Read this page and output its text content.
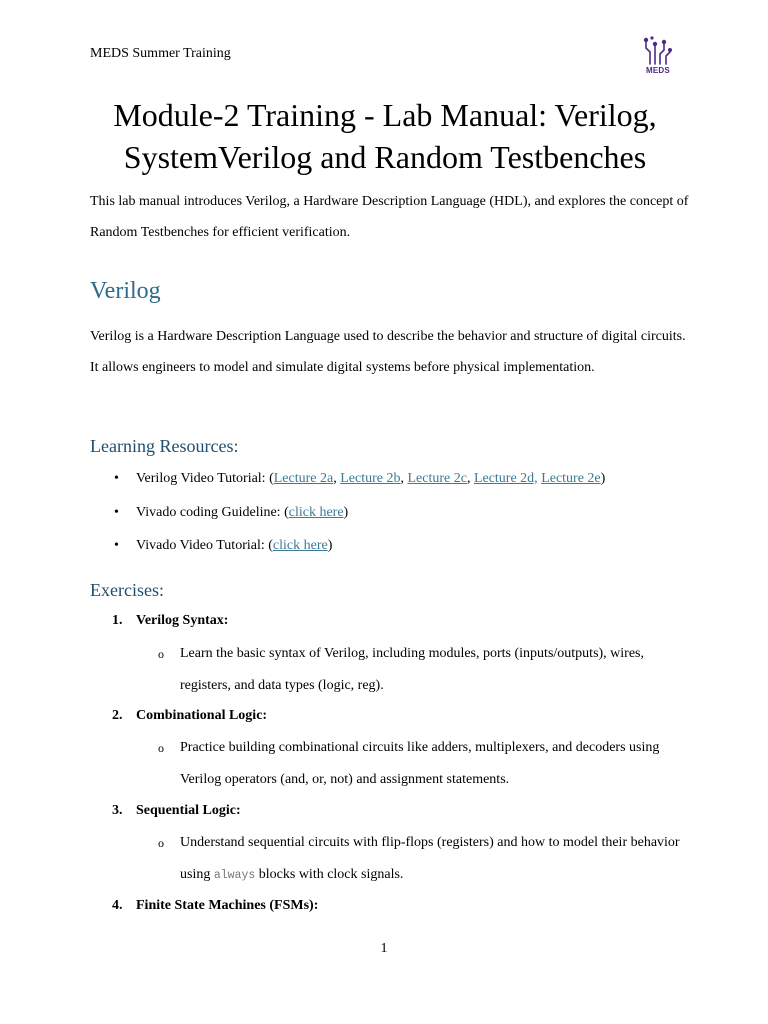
MEDS Summer Training
MEDS
Module-2 Training - Lab Manual: Verilog,
SystemVerilog and Random Testbenches

This lab manual introduces Verilog, a Hardware Description Language (HDL), and explores the concept of Random Testbenches for efficient verification.

Verilog

Verilog is a Hardware Description Language used to describe the behavior and structure of digital circuits. It allows engineers to model and simulate digital systems before physical implementation.

Learning Resources:
•	Verilog Video Tutorial: (Lecture 2a, Lecture 2b, Lecture 2c, Lecture 2d, Lecture 2e)
•	Vivado coding Guideline: (click here)
•	Vivado Video Tutorial: (click here)
Exercises:
1. Verilog Syntax:
o Learn the basic syntax of Verilog, including modules, ports (inputs/outputs), wires, registers, and data types (logic, reg).
2. Combinational Logic:
o Practice building combinational circuits like adders, multiplexers, and decoders using Verilog operators (and, or, not) and assignment statements.
3. Sequential Logic:
o Understand sequential circuits with flip-flops (registers) and how to model their behavior using always blocks with clock signals.
4. Finite State Machines (FSMs):
1
